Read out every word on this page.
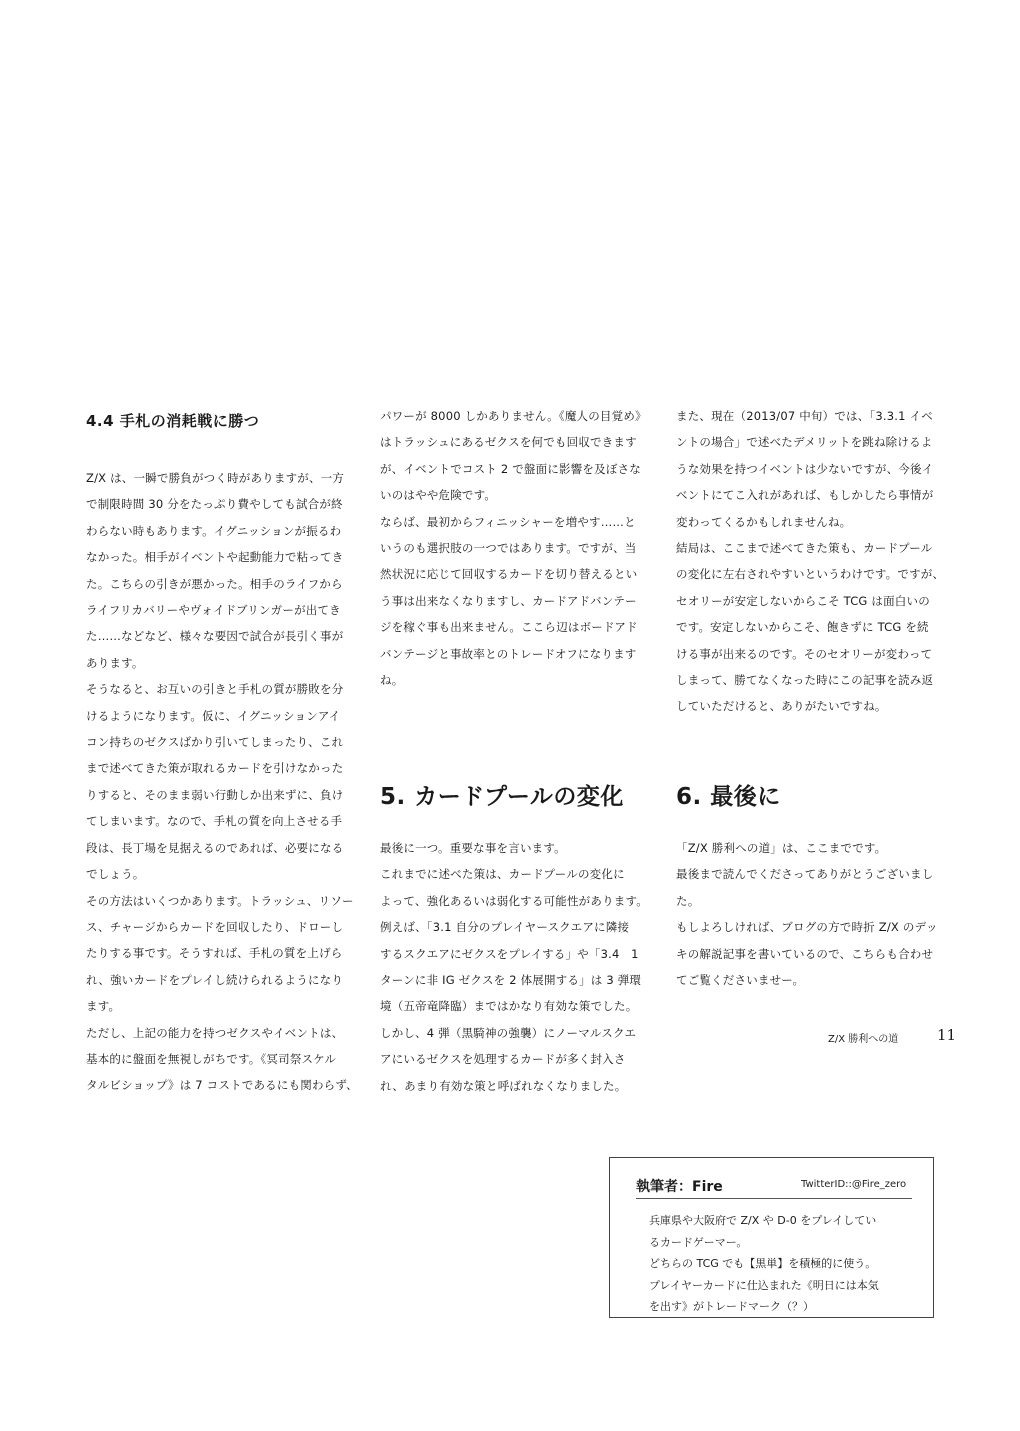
4.4 手札の消耗戦に勝つ
Z/X は、一瞬で勝負がつく時がありますが、一方
で制限時間 30 分をたっぷり費やしても試合が終
わらない時もあります。イグニッションが振るわ
なかった。相手がイベントや起動能力で粘ってき
た。こちらの引きが悪かった。相手のライフから
ライフリカバリーやヴォイドブリンガーが出てき
た……などなど、様々な要因で試合が長引く事が
あります。
そうなると、お互いの引きと手札の質が勝敗を分
けるようになります。仮に、イグニッションアイ
コン持ちのゼクスばかり引いてしまったり、これ
まで述べてきた策が取れるカードを引けなかった
りすると、そのまま弱い行動しか出来ずに、負け
てしまいます。なので、手札の質を向上させる手
段は、長丁場を見据えるのであれば、必要になる
でしょう。
その方法はいくつかあります。トラッシュ、リソー
ス、チャージからカードを回収したり、ドローし
たりする事です。そうすれば、手札の質を上げら
れ、強いカードをプレイし続けられるようになり
ます。
ただし、上記の能力を持つゼクスやイベントは、
基本的に盤面を無視しがちです。《冥司祭スケル
タルビショップ》は 7 コストであるにも関わらず、
パワーが 8000 しかありません。《魔人の目覚め》
はトラッシュにあるゼクスを何でも回収できます
が、イベントでコスト 2 で盤面に影響を及ぼさな
いのはやや危険です。
ならば、最初からフィニッシャーを増やす……と
いうのも選択肢の一つではあります。ですが、当
然状況に応じて回収するカードを切り替えるとい
う事は出来なくなりますし、カードアドバンテー
ジを稼ぐ事も出来ません。ここら辺はボードアド
バンテージと事故率とのトレードオフになります
ね。
また、現在（2013/07 中旬）では、「3.3.1 イベ
ントの場合」で述べたデメリットを跳ね除けるよ
うな効果を持つイベントは少ないですが、今後イ
ベントにてこ入れがあれば、もしかしたら事情が
変わってくるかもしれませんね。
結局は、ここまで述べてきた策も、カードプール
の変化に左右されやすいというわけです。ですが、
セオリーが安定しないからこそ TCG は面白いの
です。安定しないからこそ、飽きずに TCG を続
ける事が出来るのです。そのセオリーが変わって
しまって、勝てなくなった時にこの記事を読み返
していただけると、ありがたいですね。
5. カードプールの変化
最後に一つ。重要な事を言います。
これまでに述べた策は、カードプールの変化に
よって、強化あるいは弱化する可能性があります。
例えば、「3.1 自分のプレイヤースクエアに隣接
するスクエアにゼクスをプレイする」や「3.4　1
ターンに非 IG ゼクスを 2 体展開する」は 3 弾環
境（五帝竜降臨）まではかなり有効な策でした。
しかし、4 弾（黒騎神の強襲）にノーマルスクエ
アにいるゼクスを処理するカードが多く封入さ
れ、あまり有効な策と呼ばれなくなりました。
6. 最後に
「Z/X 勝利への道」は、ここまでです。
最後まで読んでくださってありがとうございまし
た。
もしよろしければ、ブログの方で時折 Z/X のデッ
キの解説記事を書いているので、こちらも合わせ
てご覧くださいませー。
執筆者：Fire	TwitterID::@Fire_zero
兵庫県や大阪府で Z/X や D-0 をプレイしてい
るカードゲーマー。
どちらの TCG でも【黒単】を積極的に使う。
プレイヤーカードに仕込まれた《明日には本気
を出す》がトレードマーク（？）
Z/X 勝利への道	11
